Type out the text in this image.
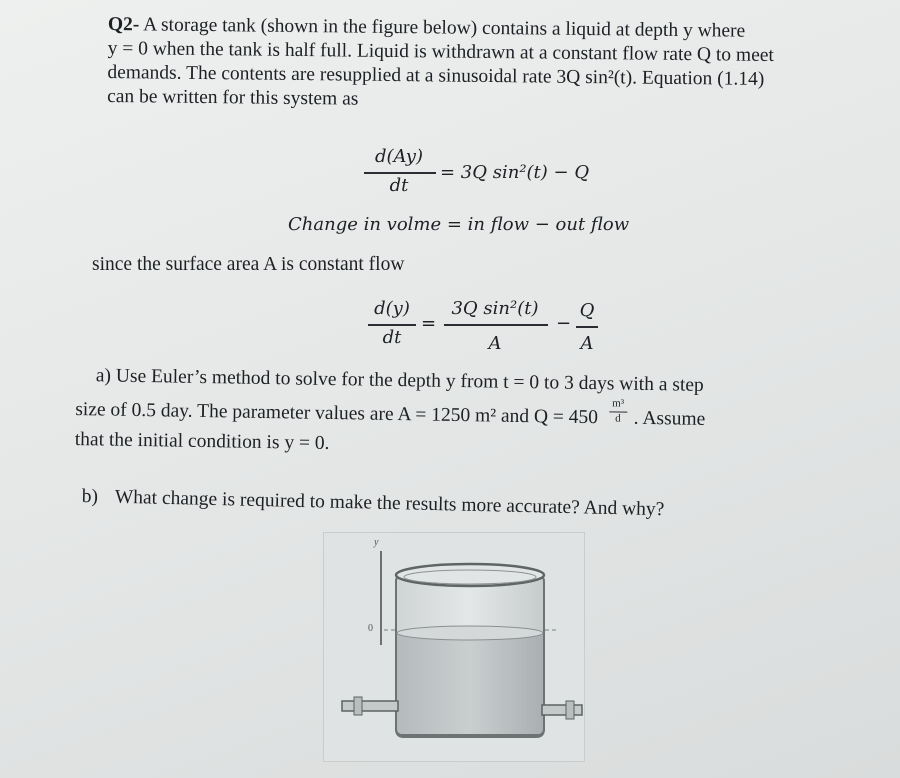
Q2- A storage tank (shown in the figure below) contains a liquid at depth y where
y = 0 when the tank is half full. Liquid is withdrawn at a constant flow rate Q to meet
demands. The contents are resupplied at a sinusoidal rate 3Q sin²(t). Equation (1.14)
can be written for this system as
d(Ay)
dt
= 3Q sin²(t) − Q
Change in volme = in flow − out flow
since the surface area A is constant flow
d(y)
dt
=
3Q sin²(t)
A
−
Q
A
a) Use Euler’s method to solve for the depth y from t = 0 to 3 days with a step
size of 0.5 day. The parameter values are A = 1250 m² and $Q = 450 \frac{\text{m³}}{d}$ . Assume
that the initial condition is y = 0.
b) What change is required to make the results more accurate? And why?
y
0
